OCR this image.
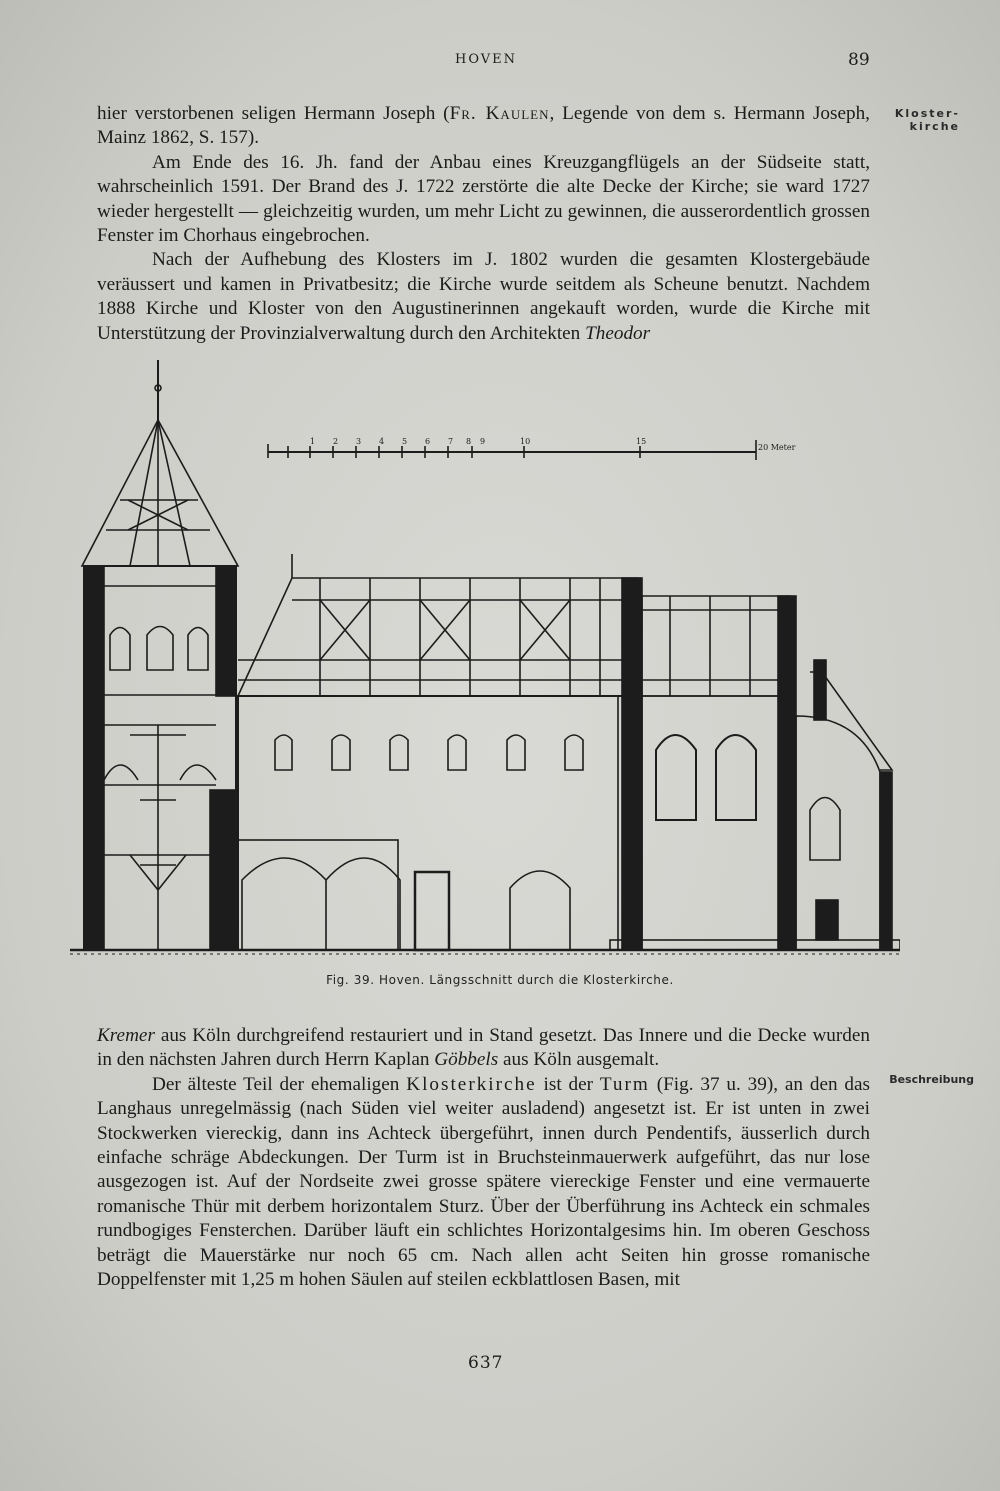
HOVEN	89
Kloster-
kirche

hier verstorbenen seligen Hermann Joseph (Fr. Kaulen, Legende von dem s. Hermann Joseph, Mainz 1862, S. 157).

Am Ende des 16. Jh. fand der Anbau eines Kreuzgangflügels an der Südseite statt, wahrscheinlich 1591. Der Brand des J. 1722 zerstörte die alte Decke der Kirche; sie ward 1727 wieder hergestellt — gleichzeitig wurden, um mehr Licht zu gewinnen, die ausserordentlich grossen Fenster im Chorhaus eingebrochen.

Nach der Aufhebung des Klosters im J. 1802 wurden die gesamten Klostergebäude veräussert und kamen in Privatbesitz; die Kirche wurde seitdem als Scheune benutzt. Nachdem 1888 Kirche und Kloster von den Augustinerinnen angekauft worden, wurde die Kirche mit Unterstützung der Provinzialverwaltung durch den Architekten Theodor

1 2 3 4 5 6 7 8 9	10	15
20 Meter
Fig. 39. Hoven. Längsschnitt durch die Klosterkirche.
Beschreibung

Kremer aus Köln durchgreifend restauriert und in Stand gesetzt. Das Innere und die Decke wurden in den nächsten Jahren durch Herrn Kaplan Göbbels aus Köln ausgemalt.

Der älteste Teil der ehemaligen Klosterkirche ist der Turm (Fig. 37 u. 39), an den das Langhaus unregelmässig (nach Süden viel weiter ausladend) angesetzt ist. Er ist unten in zwei Stockwerken viereckig, dann ins Achteck übergeführt, innen durch Pendentifs, äusserlich durch einfache schräge Abdeckungen. Der Turm ist in Bruchsteinmauerwerk aufgeführt, das nur lose ausgezogen ist. Auf der Nordseite zwei grosse spätere viereckige Fenster und eine vermauerte romanische Thür mit derbem horizontalem Sturz. Über der Überführung ins Achteck ein schmales rundbogiges Fensterchen. Darüber läuft ein schlichtes Horizontalgesims hin. Im oberen Geschoss beträgt die Mauerstärke nur noch 65 cm. Nach allen acht Seiten hin grosse romanische Doppelfenster mit 1,25 m hohen Säulen auf steilen eckblattlosen Basen, mit

637
